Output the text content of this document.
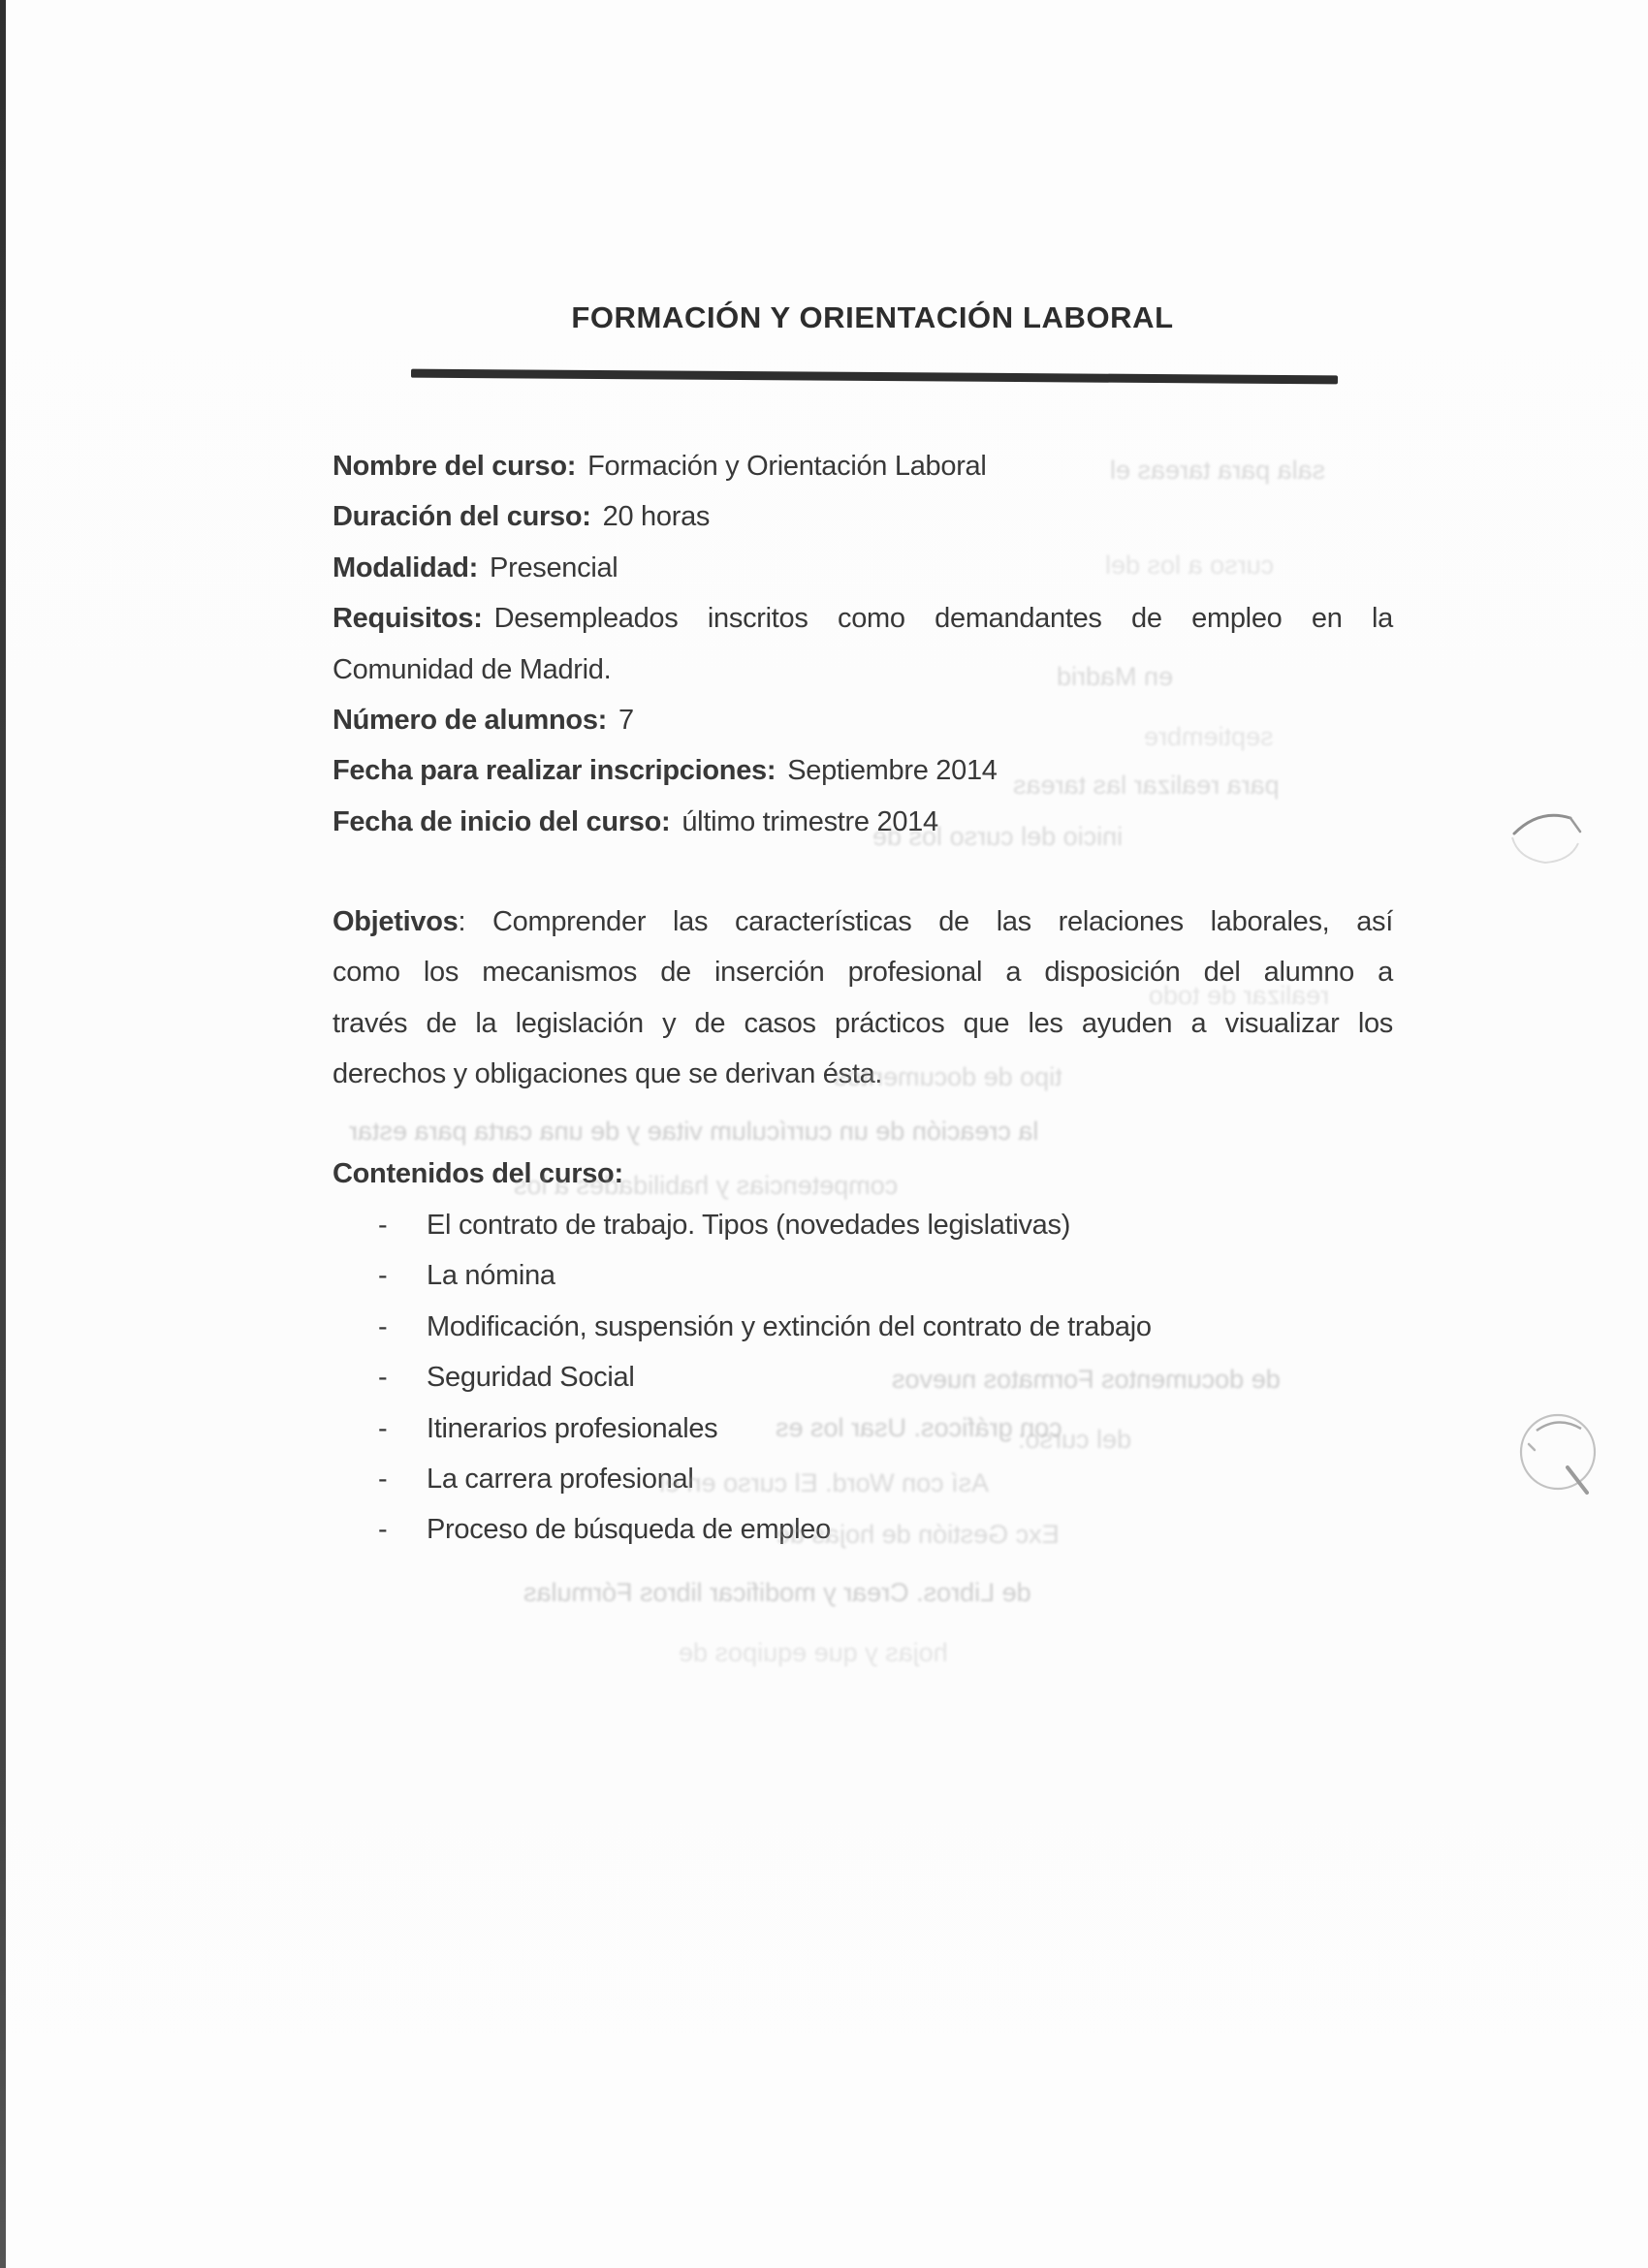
FORMACIÓN Y ORIENTACIÓN LABORAL
Nombre del curso: Formación y Orientación Laboral
Duración del curso: 20 horas
Modalidad: Presencial
Requisitos: Desempleados inscritos como demandantes de empleo en la
Comunidad de Madrid.
Número de alumnos: 7
Fecha para realizar inscripciones: Septiembre 2014
Fecha de inicio del curso: último trimestre 2014
Objetivos: Comprender las características de las relaciones laborales, así
como los mecanismos de inserción profesional a disposición del alumno a
través de la legislación y de casos prácticos que les ayuden a visualizar los
derechos y obligaciones que se derivan ésta.
Contenidos del curso:
- El contrato de trabajo. Tipos (novedades legislativas)
- La nómina
- Modificación, suspensión y extinción del contrato de trabajo
- Seguridad Social
- Itinerarios profesionales
- La carrera profesional
- Proceso de búsqueda de empleo
sala para tareas el
curso a los del
en Madrid
septiembre
para realizar las tareas
inicio del curso los de
realizar de todo
tipo de documentos
la creación de un currículum vitae y de una carta para estar
competencias y habilidades a los
del curso:
de documentos Formatos nuevos
con gráficos. Usar los es
Así con Word. El curso en el
Exc Gestión de hojas de
de Libros. Crear y modificar libros Fórmulas
hojas y que equipos de
